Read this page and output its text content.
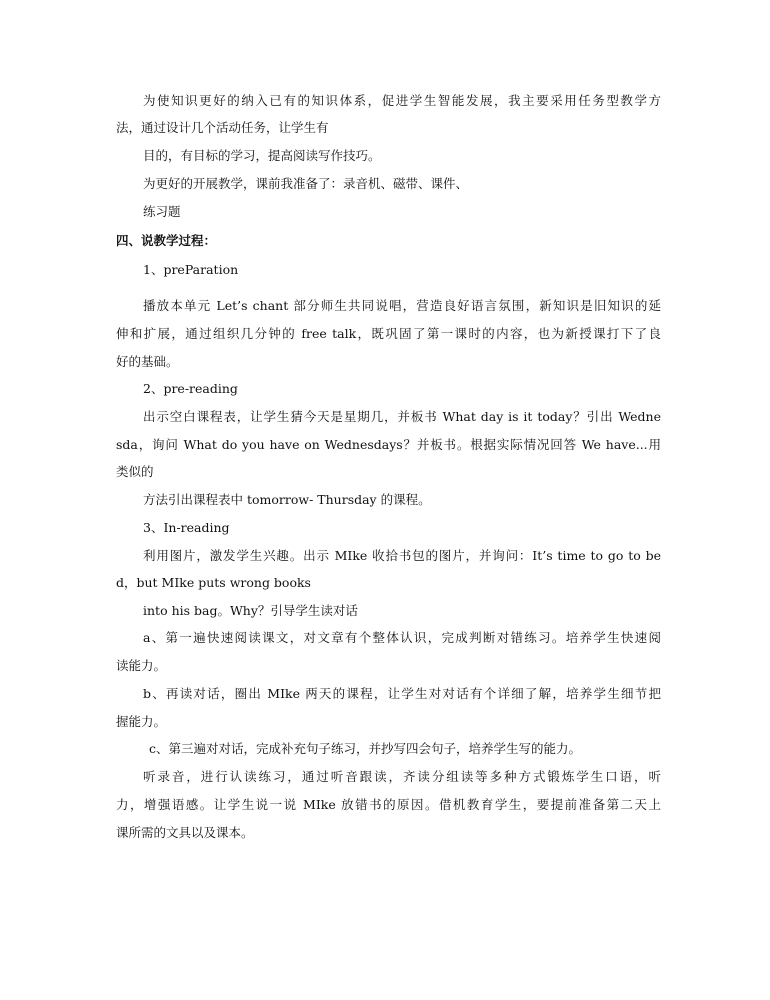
为使知识更好的纳入已有的知识体系，促进学生智能发展，我主要采用任务型教学方
法，通过设计几个活动任务，让学生有
目的，有目标的学习，提高阅读写作技巧。
为更好的开展教学，课前我准备了：录音机、磁带、课件、
练习题
四、说教学过程：
1、preParation
播放本单元 Let’s chant 部分师生共同说唱，营造良好语言氛围，新知识是旧知识的延
伸和扩展，通过组织几分钟的 free talk，既巩固了第一课时的内容，也为新授课打下了良
好的基础。
2、pre-reading
出示空白课程表，让学生猜今天是星期几，并板书 What day is it today？引出 Wedne
sda，询问 What do you have on Wednesdays？并板书。根据实际情况回答 We have...用
类似的
方法引出课程表中 tomorrow- Thursday 的课程。
3、In-reading
利用图片，激发学生兴趣。出示 MIke 收拾书包的图片，并询问：It’s time to go to be
d，but MIke puts wrong books
into his bag。Why？引导学生读对话
a、第一遍快速阅读课文，对文章有个整体认识，完成判断对错练习。培养学生快速阅
读能力。
b、再读对话，圈出 MIke 两天的课程，让学生对对话有个详细了解，培养学生细节把
握能力。
c、第三遍对对话，完成补充句子练习，并抄写四会句子，培养学生写的能力。
听录音，进行认读练习，通过听音跟读，齐读分组读等多种方式锻炼学生口语，听
力，增强语感。让学生说一说 MIke 放错书的原因。借机教育学生，要提前准备第二天上
课所需的文具以及课本。
